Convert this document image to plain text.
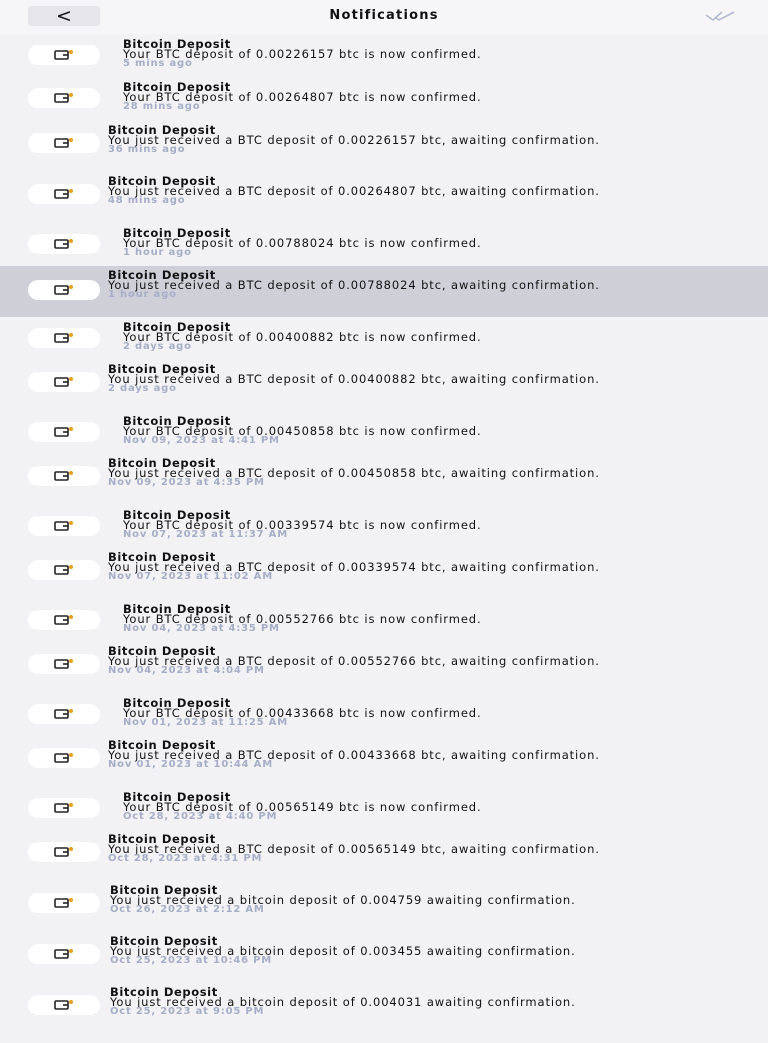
<	Notifications
Bitcoin Deposit
Your BTC deposit of 0.00226157 btc is now confirmed.
5 mins ago
Bitcoin Deposit
Your BTC deposit of 0.00264807 btc is now confirmed.
28 mins ago
Bitcoin Deposit
You just received a BTC deposit of 0.00226157 btc, awaiting confirmation.
36 mins ago
Bitcoin Deposit
You just received a BTC deposit of 0.00264807 btc, awaiting confirmation.
48 mins ago
Bitcoin Deposit
Your BTC deposit of 0.00788024 btc is now confirmed.
1 hour ago
Bitcoin Deposit
You just received a BTC deposit of 0.00788024 btc, awaiting confirmation.
1 hour ago
Bitcoin Deposit
Your BTC deposit of 0.00400882 btc is now confirmed.
2 days ago
Bitcoin Deposit
You just received a BTC deposit of 0.00400882 btc, awaiting confirmation.
2 days ago
Bitcoin Deposit
Your BTC deposit of 0.00450858 btc is now confirmed.
Nov 09, 2023 at 4:41 PM
Bitcoin Deposit
You just received a BTC deposit of 0.00450858 btc, awaiting confirmation.
Nov 09, 2023 at 4:35 PM
Bitcoin Deposit
Your BTC deposit of 0.00339574 btc is now confirmed.
Nov 07, 2023 at 11:37 AM
Bitcoin Deposit
You just received a BTC deposit of 0.00339574 btc, awaiting confirmation.
Nov 07, 2023 at 11:02 AM
Bitcoin Deposit
Your BTC deposit of 0.00552766 btc is now confirmed.
Nov 04, 2023 at 4:35 PM
Bitcoin Deposit
You just received a BTC deposit of 0.00552766 btc, awaiting confirmation.
Nov 04, 2023 at 4:04 PM
Bitcoin Deposit
Your BTC deposit of 0.00433668 btc is now confirmed.
Nov 01, 2023 at 11:25 AM
Bitcoin Deposit
You just received a BTC deposit of 0.00433668 btc, awaiting confirmation.
Nov 01, 2023 at 10:44 AM
Bitcoin Deposit
Your BTC deposit of 0.00565149 btc is now confirmed.
Oct 28, 2023 at 4:40 PM
Bitcoin Deposit
You just received a BTC deposit of 0.00565149 btc, awaiting confirmation.
Oct 28, 2023 at 4:31 PM
Bitcoin Deposit
You just received a bitcoin deposit of 0.004759 awaiting confirmation.
Oct 26, 2023 at 2:12 AM
Bitcoin Deposit
You just received a bitcoin deposit of 0.003455 awaiting confirmation.
Oct 25, 2023 at 10:46 PM
Bitcoin Deposit
You just received a bitcoin deposit of 0.004031 awaiting confirmation.
Oct 25, 2023 at 9:05 PM
